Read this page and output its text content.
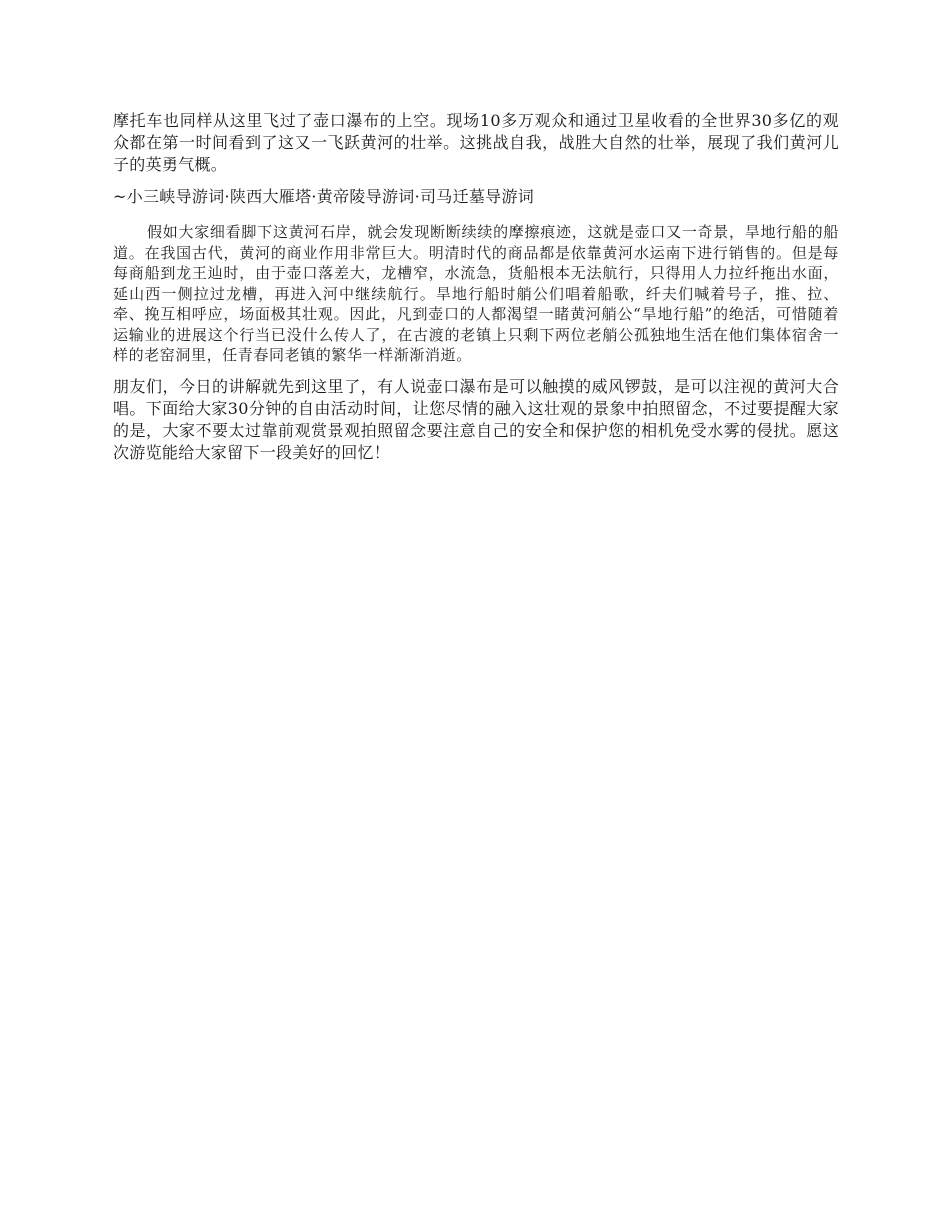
摩托车也同样从这里飞过了壶口瀑布的上空。现场10多万观众和通过卫星收看的全世界30多亿的观众都在第一时间看到了这又一飞跃黄河的壮举。这挑战自我，战胜大自然的壮举，展现了我们黄河儿子的英勇气概。

~小三峡导游词·陕西大雁塔·黄帝陵导游词·司马迁墓导游词

假如大家细看脚下这黄河石岸，就会发现断断续续的摩擦痕迹，这就是壶口又一奇景，旱地行船的船道。在我国古代，黄河的商业作用非常巨大。明清时代的商品都是依靠黄河水运南下进行销售的。但是每每商船到龙王辿时，由于壶口落差大，龙槽窄，水流急，货船根本无法航行，只得用人力拉纤拖出水面，延山西一侧拉过龙槽，再进入河中继续航行。旱地行船时艄公们唱着船歌，纤夫们喊着号子，推、拉、牵、挽互相呼应，场面极其壮观。因此，凡到壶口的人都渴望一睹黄河艄公“旱地行船”的绝活，可惜随着运输业的进展这个行当已没什么传人了，在古渡的老镇上只剩下两位老艄公孤独地生活在他们集体宿舍一样的老窑洞里，任青春同老镇的繁华一样渐渐消逝。

朋友们，今日的讲解就先到这里了，有人说壶口瀑布是可以触摸的威风锣鼓，是可以注视的黄河大合唱。下面给大家30分钟的自由活动时间，让您尽情的融入这壮观的景象中拍照留念，不过要提醒大家的是，大家不要太过靠前观赏景观拍照留念要注意自己的安全和保护您的相机免受水雾的侵扰。愿这次游览能给大家留下一段美好的回忆！
